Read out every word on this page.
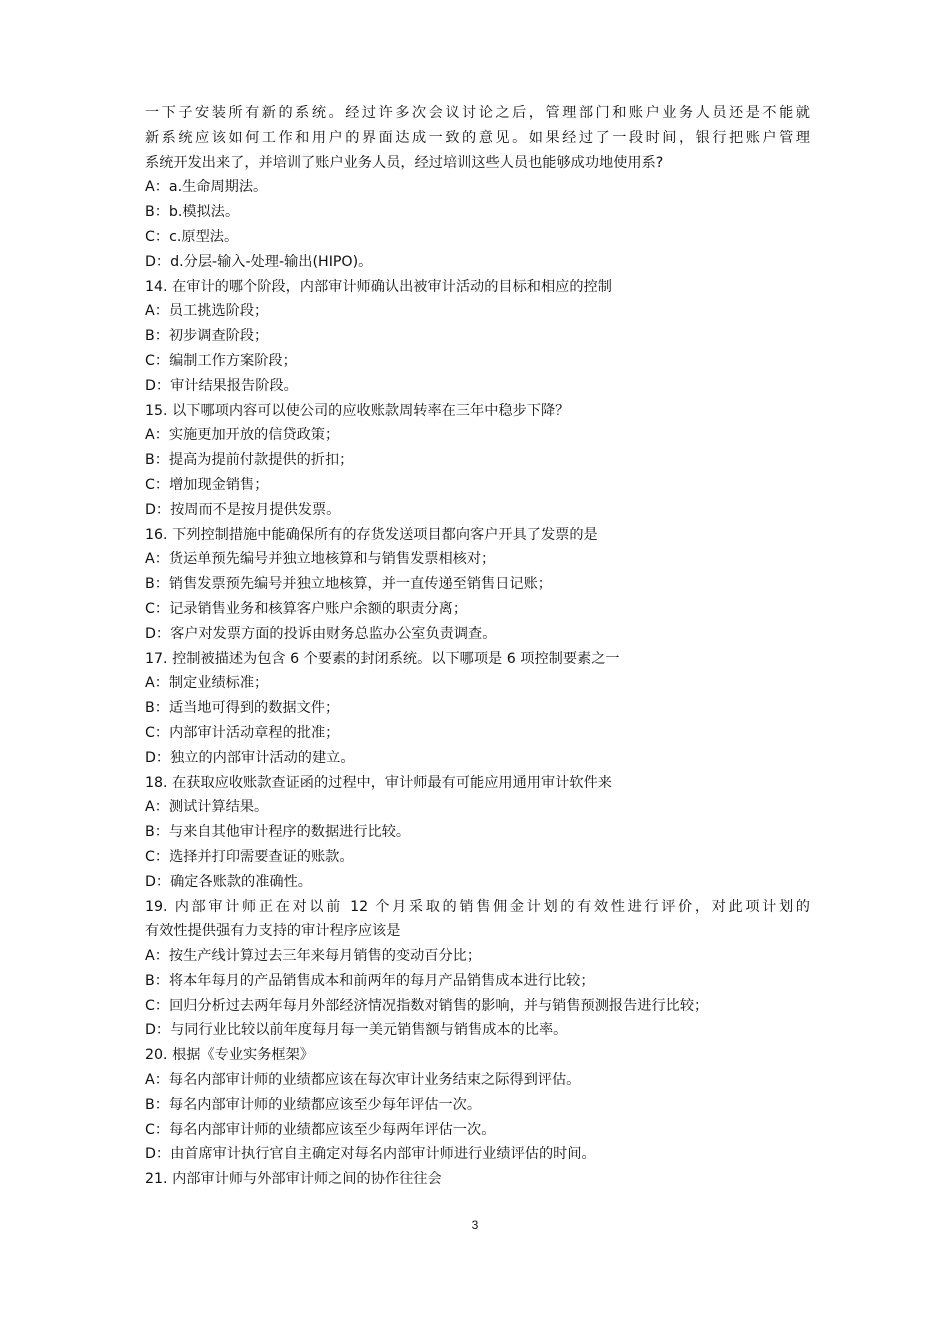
一下子安装所有新的系统。经过许多次会议讨论之后，管理部门和账户业务人员还是不能就
新系统应该如何工作和用户的界面达成一致的意见。如果经过了一段时间，银行把账户管理
系统开发出来了，并培训了账户业务人员，经过培训这些人员也能够成功地使用系?
A：a.生命周期法。
B：b.模拟法。
C：c.原型法。
D：d.分层-输入-处理-输出(HIPO)。
14. 在审计的哪个阶段，内部审计师确认出被审计活动的目标和相应的控制
A：员工挑选阶段；
B：初步调查阶段；
C：编制工作方案阶段；
D：审计结果报告阶段。
15. 以下哪项内容可以使公司的应收账款周转率在三年中稳步下降？
A：实施更加开放的信贷政策；
B：提高为提前付款提供的折扣；
C：增加现金销售；
D：按周而不是按月提供发票。
16. 下列控制措施中能确保所有的存货发送项目都向客户开具了发票的是
A：货运单预先编号并独立地核算和与销售发票相核对；
B：销售发票预先编号并独立地核算，并一直传递至销售日记账；
C：记录销售业务和核算客户账户余额的职责分离；
D：客户对发票方面的投诉由财务总监办公室负责调查。
17. 控制被描述为包含 6 个要素的封闭系统。以下哪项是 6 项控制要素之一
A：制定业绩标准；
B：适当地可得到的数据文件；
C：内部审计活动章程的批准；
D：独立的内部审计活动的建立。
18. 在获取应收账款查证函的过程中，审计师最有可能应用通用审计软件来
A：测试计算结果。
B：与来自其他审计程序的数据进行比较。
C：选择并打印需要查证的账款。
D：确定各账款的准确性。
19. 内部审计师正在对以前 12 个月采取的销售佣金计划的有效性进行评价，对此项计划的
有效性提供强有力支持的审计程序应该是
A：按生产线计算过去三年来每月销售的变动百分比；
B：将本年每月的产品销售成本和前两年的每月产品销售成本进行比较；
C：回归分析过去两年每月外部经济情况指数对销售的影响，并与销售预测报告进行比较；
D：与同行业比较以前年度每月每一美元销售额与销售成本的比率。
20. 根据《专业实务框架》
A：每名内部审计师的业绩都应该在每次审计业务结束之际得到评估。
B：每名内部审计师的业绩都应该至少每年评估一次。
C：每名内部审计师的业绩都应该至少每两年评估一次。
D：由首席审计执行官自主确定对每名内部审计师进行业绩评估的时间。
21. 内部审计师与外部审计师之间的协作往往会
3
